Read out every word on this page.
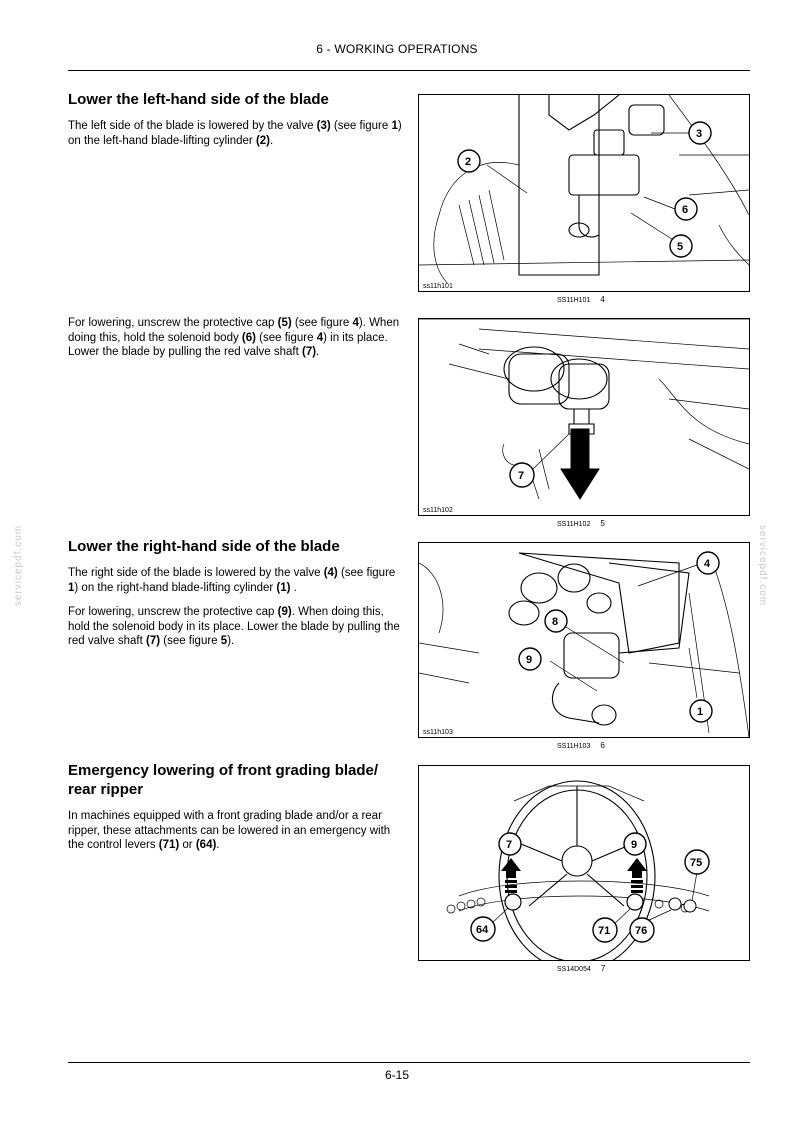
6 - WORKING OPERATIONS
servicepdf.com	servicepdf.com
Lower the left-hand side of the blade

The left side of the blade is lowered by the valve (3) (see figure 1) on the left-hand blade-lifting cylinder (2).

For lowering, unscrew the protective cap (5) (see figure 4). When doing this, hold the solenoid body (6) (see figure 4) in its place. Lower the blade by pulling the red valve shaft (7).

Lower the right-hand side of the blade

The right side of the blade is lowered by the valve (4) (see figure 1) on the right-hand blade-lifting cylinder (1) .

For lowering, unscrew the protective cap (9). When doing this, hold the solenoid body in its place. Lower the blade by pulling the red valve shaft (7) (see figure 5).

Emergency lowering of front grading blade/ rear ripper

In machines equipped with a front grading blade and/or a rear ripper, these attachments can be lowered in an emergency with the control levers (71) or (64).

2
3
6
5
ss11h101
SS11H101 4
7
ss11h102
SS11H102 5
4
8
9
1
ss11h103
SS11H103 6
7	9
75
64	71 76
SS14D054 7
6-15
